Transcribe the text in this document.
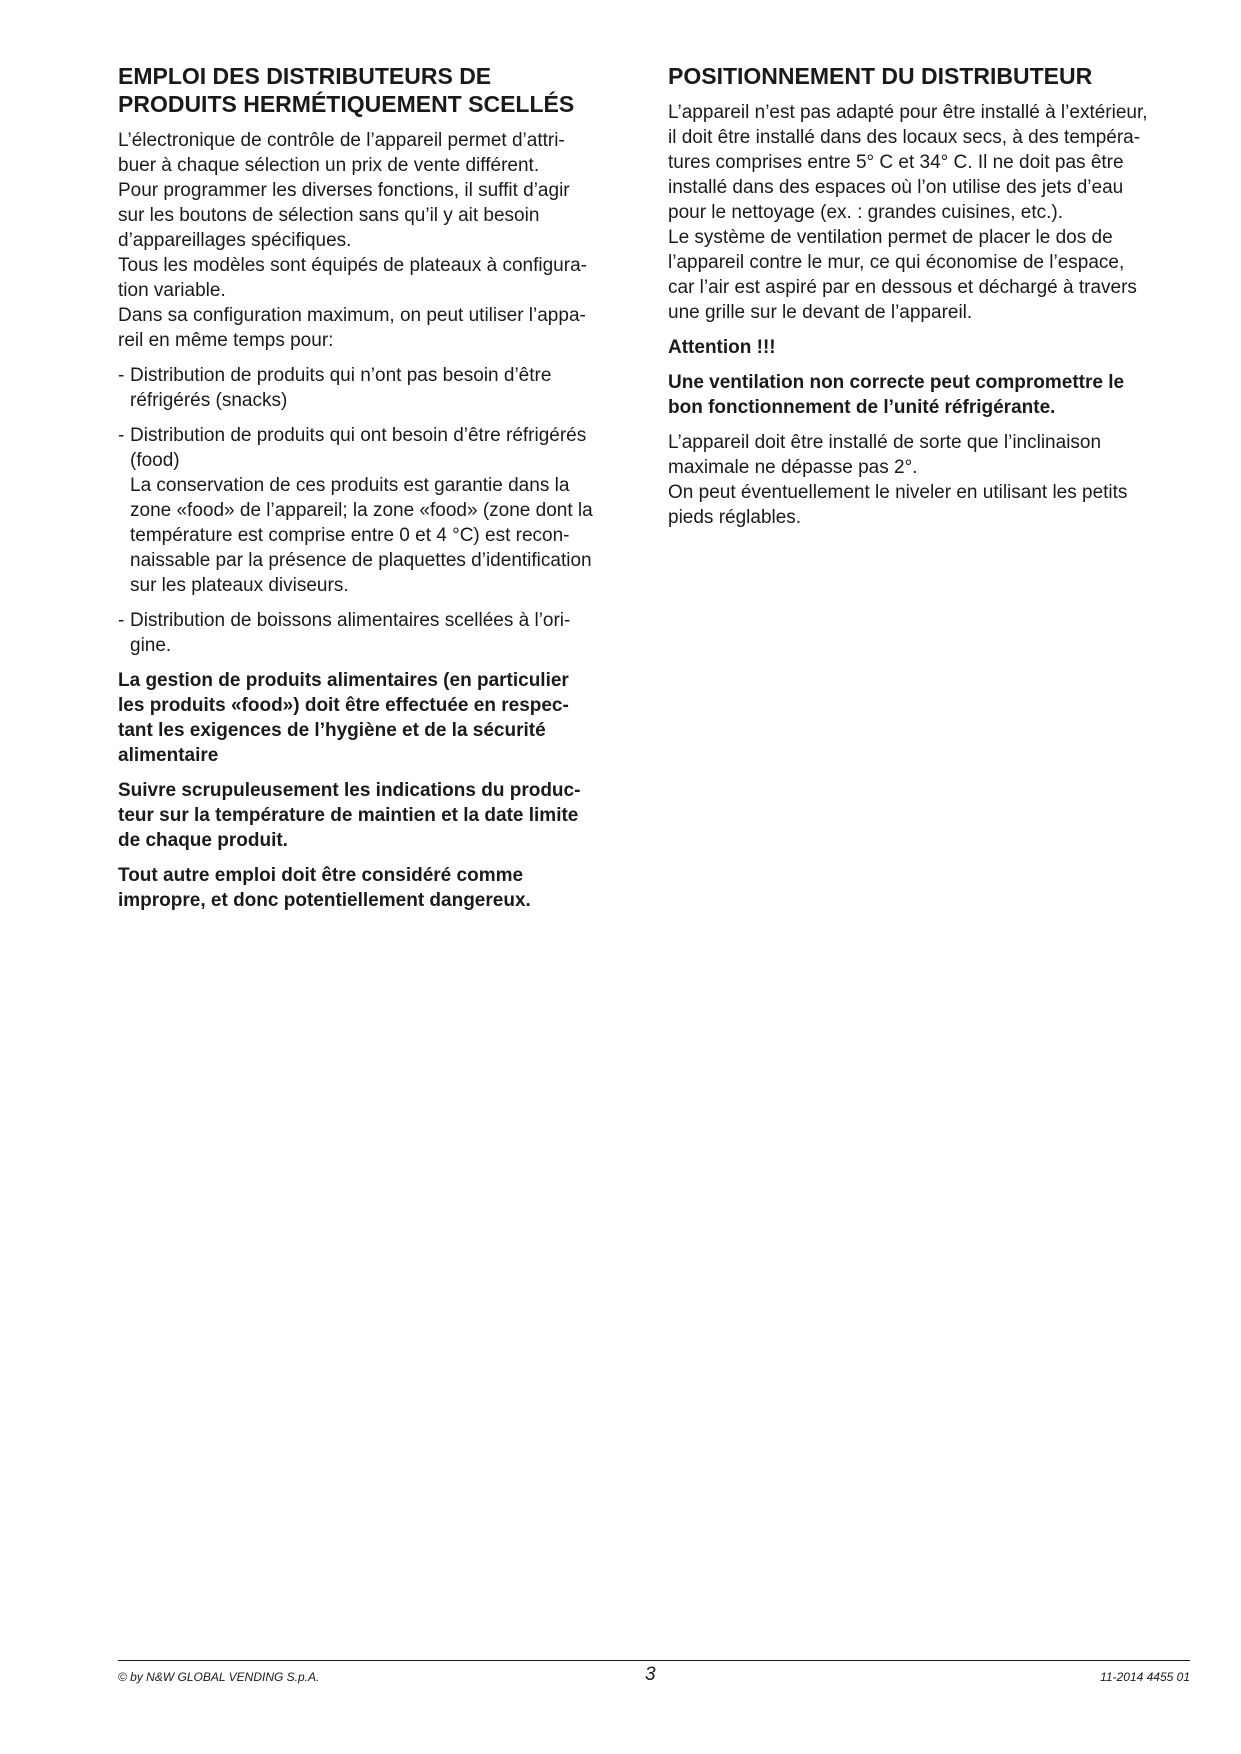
EMPLOI DES DISTRIBUTEURS DE
PRODUITS HERMÉTIQUEMENT SCELLÉS
L’électronique de contrôle de l’appareil permet d’attri-
buer à chaque sélection un prix de vente différent.
Pour programmer les diverses fonctions, il suffit d’agir
sur les boutons de sélection sans qu’il y ait besoin
d’appareillages spécifiques.
Tous les modèles sont équipés de plateaux à configura-
tion variable.
Dans sa configuration maximum, on peut utiliser l’appa-
reil en même temps pour:
- Distribution de produits qui n’ont pas besoin d’être
réfrigérés (snacks)
- Distribution de produits qui ont besoin d’être réfrigérés
(food)
La conservation de ces produits est garantie dans la
zone «food» de l’appareil; la zone «food» (zone dont la
température est comprise entre 0 et 4 °C) est recon-
naissable par la présence de plaquettes d’identification
sur les plateaux diviseurs.
- Distribution de boissons alimentaires scellées à l’ori-
gine.
La gestion de produits alimentaires (en particulier
les produits «food») doit être effectuée en respec-
tant les exigences de l’hygiène et de la sécurité
alimentaire
Suivre scrupuleusement les indications du produc-
teur sur la température de maintien et la date limite
de chaque produit.
Tout autre emploi doit être considéré comme
impropre, et donc potentiellement dangereux.
POSITIONNEMENT DU DISTRIBUTEUR
L’appareil n’est pas adapté pour être installé à l’extérieur,
il doit être installé dans des locaux secs, à des tempéra-
tures comprises entre 5° C et 34° C. Il ne doit pas être
installé dans des espaces où l’on utilise des jets d’eau
pour le nettoyage (ex. : grandes cuisines, etc.).
Le système de ventilation permet de placer le dos de
l’appareil contre le mur, ce qui économise de l’espace,
car l’air est aspiré par en dessous et déchargé à travers
une grille sur le devant de l’appareil.
Attention !!!
Une ventilation non correcte peut compromettre le
bon fonctionnement de l’unité réfrigérante.
L’appareil doit être installé de sorte que l’inclinaison
maximale ne dépasse pas 2°.
On peut éventuellement le niveler en utilisant les petits
pieds réglables.
© by N&W GLOBAL VENDING S.p.A.	3	11-2014 4455 01
